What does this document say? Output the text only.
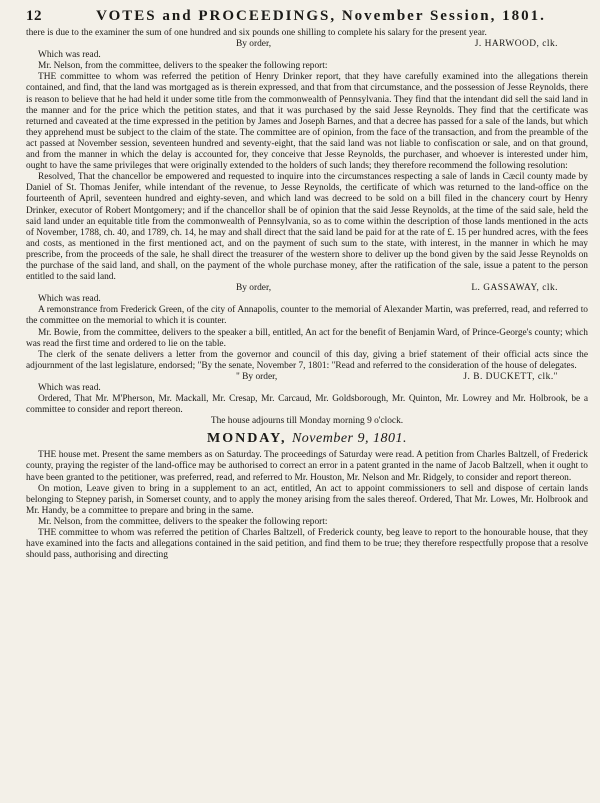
12	VOTES and PROCEEDINGS, November Session, 1801.

there is due to the examiner the sum of one hundred and six pounds one shilling to complete his salary for the present year.

By order,	J. HARWOOD, clk.

Which was read.

Mr. Nelson, from the committee, delivers to the speaker the following report:

THE committee to whom was referred the petition of Henry Drinker report, that they have carefully examined into the allegations therein contained, and find, that the land was mortgaged as is therein expressed, and that from that circumstance, and the possession of Jesse Reynolds, there is reason to believe that he had held it under some title from the commonwealth of Pennsylvania. They find that the intendant did sell the said land in the manner and for the price which the petition states, and that it was purchased by the said Jesse Reynolds. They find that the certificate was returned and caveated at the time expressed in the petition by James and Joseph Barnes, and that a decree has passed for a sale of the lands, but which they apprehend must be subject to the claim of the state. The committee are of opinion, from the face of the transaction, and from the preamble of the act passed at November session, seventeen hundred and seventy-eight, that the said land was not liable to confiscation or sale, and on that ground, and from the manner in which the delay is accounted for, they conceive that Jesse Reynolds, the purchaser, and whoever is interested under him, ought to have the same privileges that were originally extended to the holders of such lands; they therefore recommend the following resolution:

Resolved, That the chancellor be empowered and requested to inquire into the circumstances respecting a sale of lands in Cæcil county made by Daniel of St. Thomas Jenifer, while intendant of the revenue, to Jesse Reynolds, the certificate of which was returned to the land-office on the fourteenth of April, seventeen hundred and eighty-seven, and which land was decreed to be sold on a bill filed in the chancery court by Henry Drinker, executor of Robert Montgomery; and if the chancellor shall be of opinion that the said Jesse Reynolds, at the time of the said sale, held the said land under an equitable title from the commonwealth of Pennsylvania, so as to come within the description of those lands mentioned in the acts of November, 1788, ch. 40, and 1789, ch. 14, he may and shall direct that the said land be paid for at the rate of £. 15 per hundred acres, with the fees and costs, as mentioned in the first mentioned act, and on the payment of such sum to the state, with interest, in the manner in which he may prescribe, from the proceeds of the sale, he shall direct the treasurer of the western shore to deliver up the bond given by the said Jesse Reynolds on the purchase of the said land, and shall, on the payment of the whole purchase money, after the ratification of the sale, issue a patent to the person entitled to the said land.

By order,	L. GASSAWAY, clk.

Which was read.

A remonstrance from Frederick Green, of the city of Annapolis, counter to the memorial of Alexander Martin, was preferred, read, and referred to the committee on the memorial to which it is counter.

Mr. Bowie, from the committee, delivers to the speaker a bill, entitled, An act for the benefit of Benjamin Ward, of Prince-George's county; which was read the first time and ordered to lie on the table.

The clerk of the senate delivers a letter from the governor and council of this day, giving a brief statement of their official acts since the adjournment of the last legislature, endorsed; "By the senate, November 7, 1801: "Read and referred to the consideration of the house of delegates.

" By order,	J. B. DUCKETT, clk."

Which was read.

Ordered, That Mr. M'Pherson, Mr. Mackall, Mr. Cresap, Mr. Carcaud, Mr. Goldsborough, Mr. Quinton, Mr. Lowrey and Mr. Holbrook, be a committee to consider and report thereon.

The house adjourns till Monday morning 9 o'clock.

MONDAY, November 9, 1801.

THE house met. Present the same members as on Saturday. The proceedings of Saturday were read. A petition from Charles Baltzell, of Frederick county, praying the register of the land-office may be authorised to correct an error in a patent granted in the name of Jacob Baltzell, when it ought to have been granted to the petitioner, was preferred, read, and referred to Mr. Houston, Mr. Nelson and Mr. Ridgely, to consider and report thereon.

On motion, Leave given to bring in a supplement to an act, entitled, An act to appoint commissioners to sell and dispose of certain lands belonging to Stepney parish, in Somerset county, and to apply the money arising from the sales thereof. Ordered, That Mr. Lowes, Mr. Holbrook and Mr. Handy, be a committee to prepare and bring in the same.

Mr. Nelson, from the committee, delivers to the speaker the following report:

THE committee to whom was referred the petition of Charles Baltzell, of Frederick county, beg leave to report to the honourable house, that they have examined into the facts and allegations contained in the said petition, and find them to be true; they therefore respectfully propose that a resolve should pass, authorising and directing
